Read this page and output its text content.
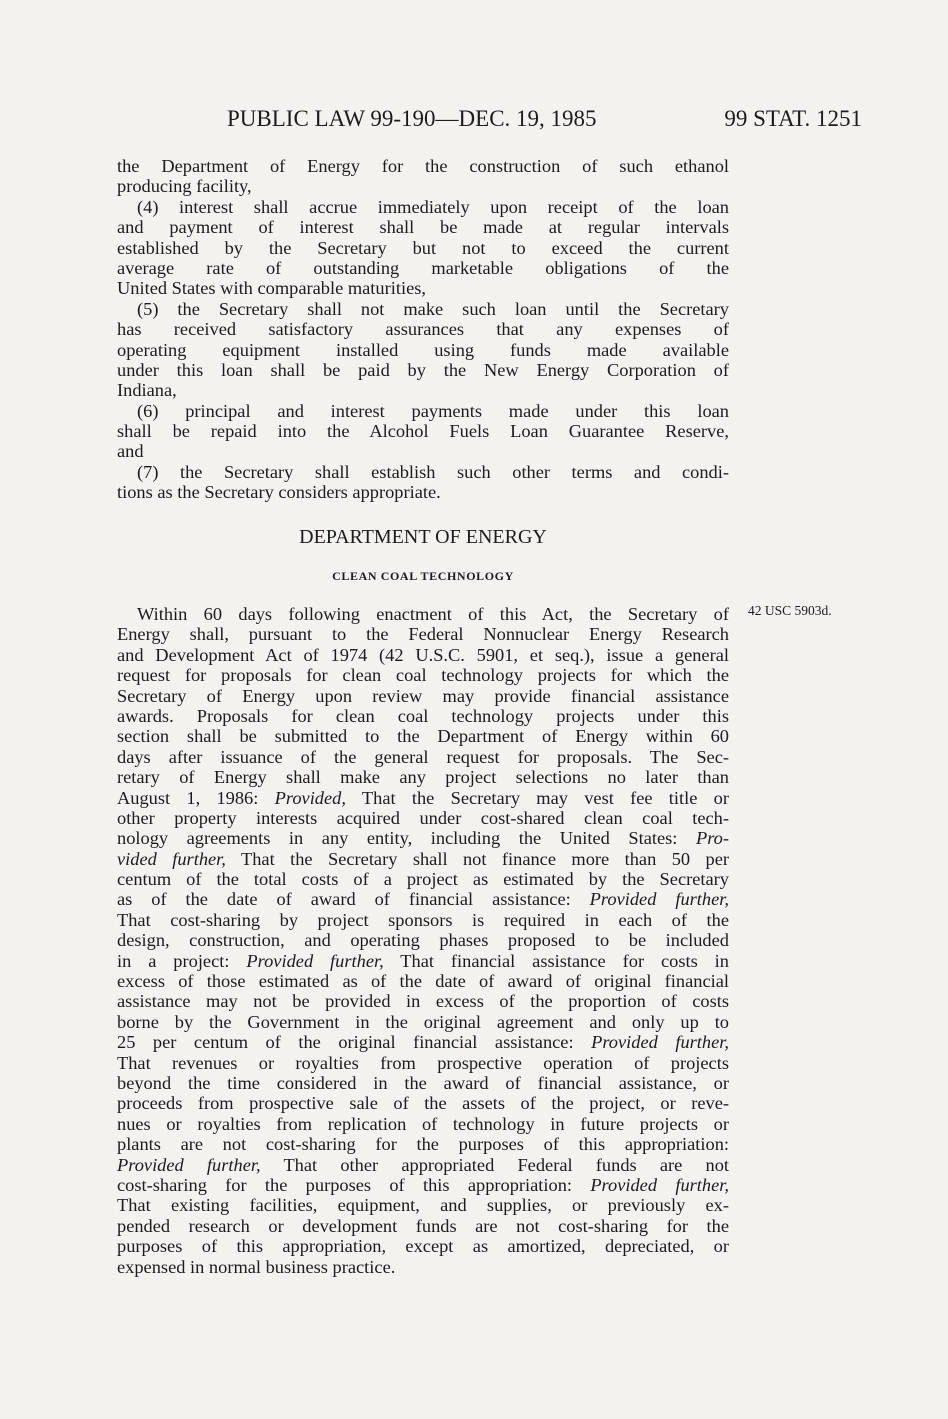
PUBLIC LAW 99-190—DEC. 19, 1985	99 STAT. 1251
the Department of Energy for the construction of such ethanol
producing facility,
(4) interest shall accrue immediately upon receipt of the loan
and payment of interest shall be made at regular intervals
established by the Secretary but not to exceed the current
average rate of outstanding marketable obligations of the
United States with comparable maturities,
(5) the Secretary shall not make such loan until the Secretary
has received satisfactory assurances that any expenses of
operating equipment installed using funds made available
under this loan shall be paid by the New Energy Corporation of
Indiana,
(6) principal and interest payments made under this loan
shall be repaid into the Alcohol Fuels Loan Guarantee Reserve,
and
(7) the Secretary shall establish such other terms and condi-
tions as the Secretary considers appropriate.
DEPARTMENT OF ENERGY
CLEAN COAL TECHNOLOGY
42 USC 5903d.
Within 60 days following enactment of this Act, the Secretary of
Energy shall, pursuant to the Federal Nonnuclear Energy Research
and Development Act of 1974 (42 U.S.C. 5901, et seq.), issue a general
request for proposals for clean coal technology projects for which the
Secretary of Energy upon review may provide financial assistance
awards. Proposals for clean coal technology projects under this
section shall be submitted to the Department of Energy within 60
days after issuance of the general request for proposals. The Sec-
retary of Energy shall make any project selections no later than
August 1, 1986: Provided, That the Secretary may vest fee title or
other property interests acquired under cost-shared clean coal tech-
nology agreements in any entity, including the United States: Pro-
vided further, That the Secretary shall not finance more than 50 per
centum of the total costs of a project as estimated by the Secretary
as of the date of award of financial assistance: Provided further,
That cost-sharing by project sponsors is required in each of the
design, construction, and operating phases proposed to be included
in a project: Provided further, That financial assistance for costs in
excess of those estimated as of the date of award of original financial
assistance may not be provided in excess of the proportion of costs
borne by the Government in the original agreement and only up to
25 per centum of the original financial assistance: Provided further,
That revenues or royalties from prospective operation of projects
beyond the time considered in the award of financial assistance, or
proceeds from prospective sale of the assets of the project, or reve-
nues or royalties from replication of technology in future projects or
plants are not cost-sharing for the purposes of this appropriation:
Provided further, That other appropriated Federal funds are not
cost-sharing for the purposes of this appropriation: Provided further,
That existing facilities, equipment, and supplies, or previously ex-
pended research or development funds are not cost-sharing for the
purposes of this appropriation, except as amortized, depreciated, or
expensed in normal business practice.
